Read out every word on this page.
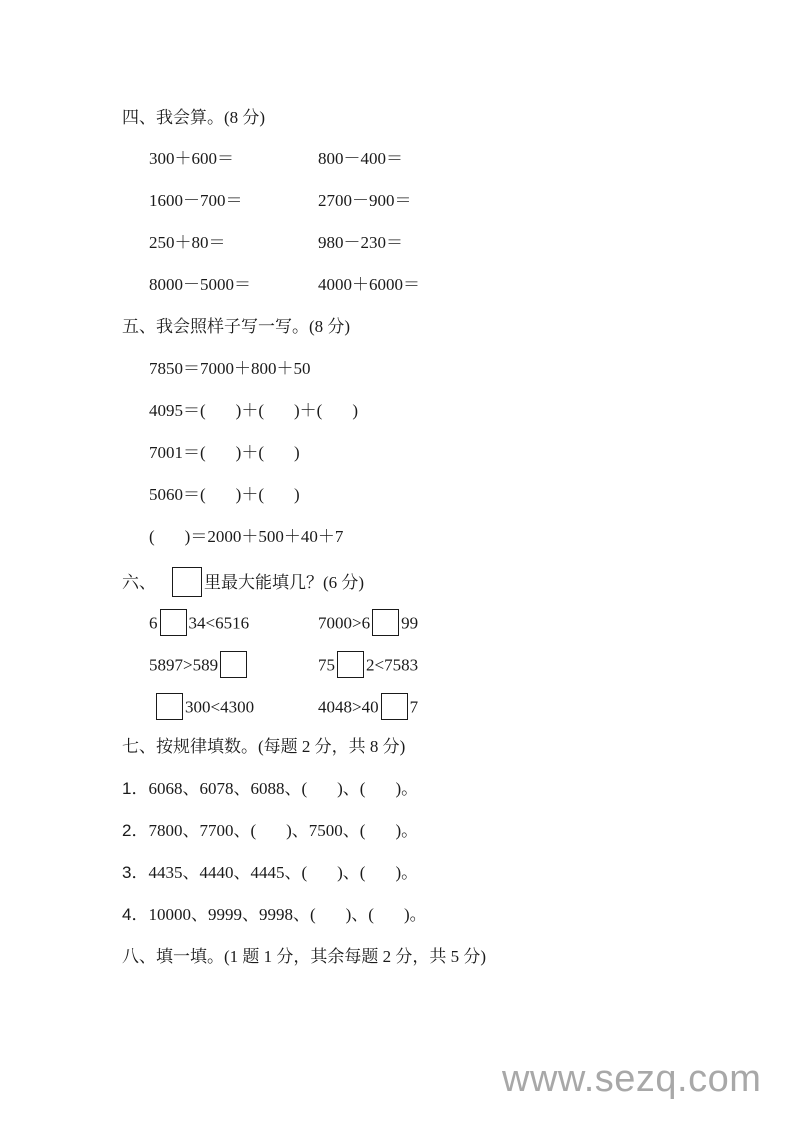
四、我会算。(8 分)
300＋600＝	800－400＝
1600－700＝	2700－900＝
250＋80＝	980－230＝
8000－5000＝	4000＋6000＝
五、我会照样子写一写。(8 分)
7850＝7000＋800＋50
4095＝( )＋( )＋( )
7001＝( )＋( )
5060＝( )＋( )
( )＝2000＋500＋40＋7
六、	里最大能填几？(6 分)
6 34<6516	7000>6 99
5897>589	75 2<7583
300<4300	4048>40 7
七、按规律填数。(每题 2 分，共 8 分)
1．6068、6078、6088、( )、( )。
2．7800、7700、( )、7500、( )。
3．4435、4440、4445、( )、( )。
4．10000、9999、9998、( )、( )。
八、填一填。(1 题 1 分，其余每题 2 分，共 5 分)
www.sezq.com
